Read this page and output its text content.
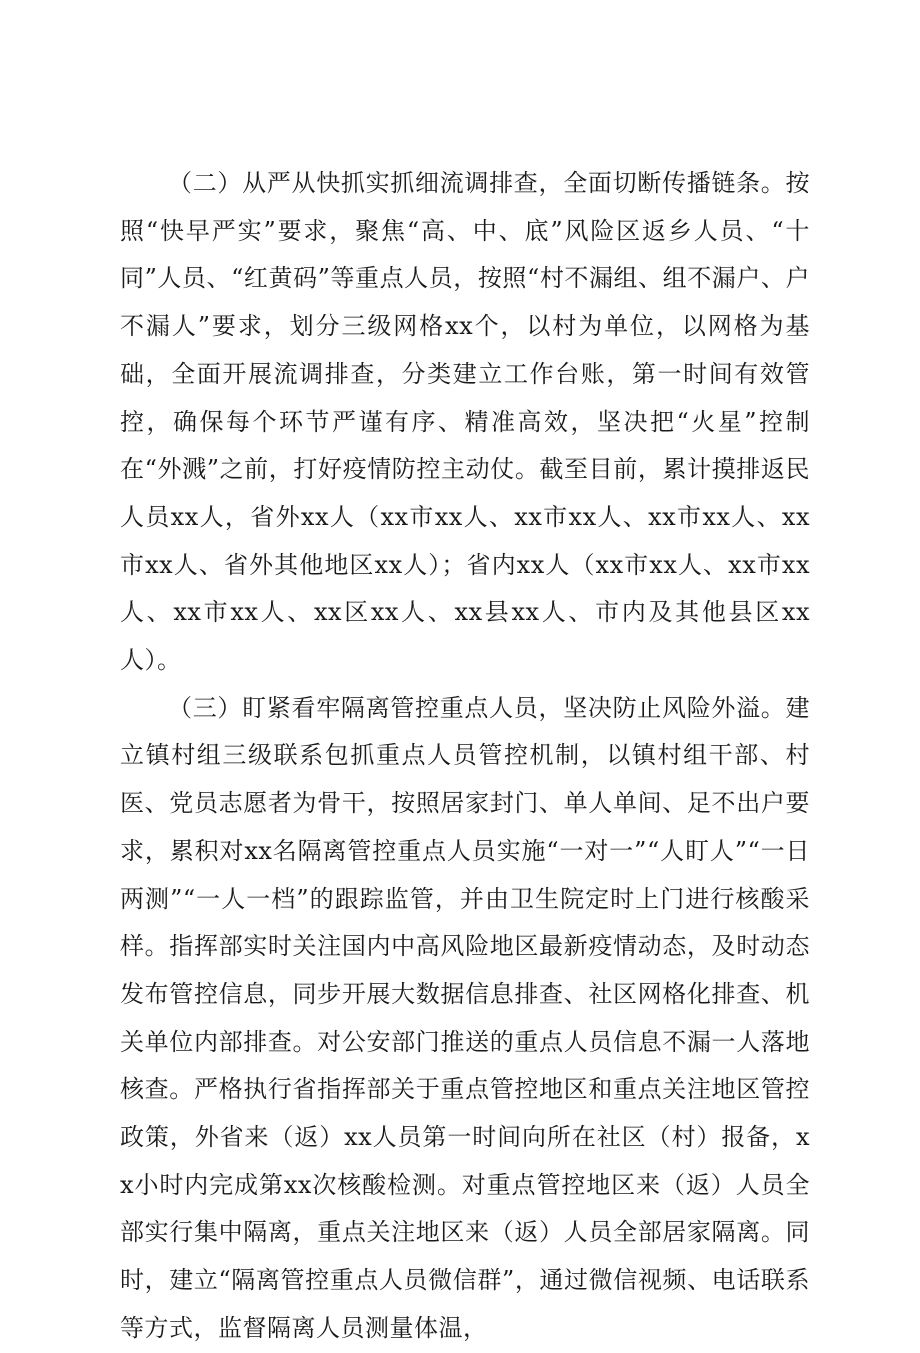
（二）从严从快抓实抓细流调排查，全面切断传播链条。按照“快早严实”要求，聚焦“高、中、底”风险区返乡人员、“十同”人员、“红黄码”等重点人员，按照“村不漏组、组不漏户、户不漏人”要求，划分三级网格xx个，以村为单位，以网格为基础，全面开展流调排查，分类建立工作台账，第一时间有效管控，确保每个环节严谨有序、精准高效，坚决把“火星”控制在“外溅”之前，打好疫情防控主动仗。截至目前，累计摸排返民人员xx人，省外xx人（xx市xx人、xx市xx人、xx市xx人、xx市xx人、省外其他地区xx人）；省内xx人（xx市xx人、xx市xx人、xx市xx人、xx区xx人、xx县xx人、市内及其他县区xx人）。

（三）盯紧看牢隔离管控重点人员，坚决防止风险外溢。建立镇村组三级联系包抓重点人员管控机制，以镇村组干部、村医、党员志愿者为骨干，按照居家封门、单人单间、足不出户要求，累积对xx名隔离管控重点人员实施“一对一”“人盯人”“一日两测”“一人一档”的跟踪监管，并由卫生院定时上门进行核酸采样。指挥部实时关注国内中高风险地区最新疫情动态，及时动态发布管控信息，同步开展大数据信息排查、社区网格化排查、机关单位内部排查。对公安部门推送的重点人员信息不漏一人落地核查。严格执行省指挥部关于重点管控地区和重点关注地区管控政策，外省来（返）xx人员第一时间向所在社区（村）报备，xx小时内完成第xx次核酸检测。对重点管控地区来（返）人员全部实行集中隔离，重点关注地区来（返）人员全部居家隔离。同时，建立“隔离管控重点人员微信群”，通过微信视频、电话联系等方式，监督隔离人员测量体温，
